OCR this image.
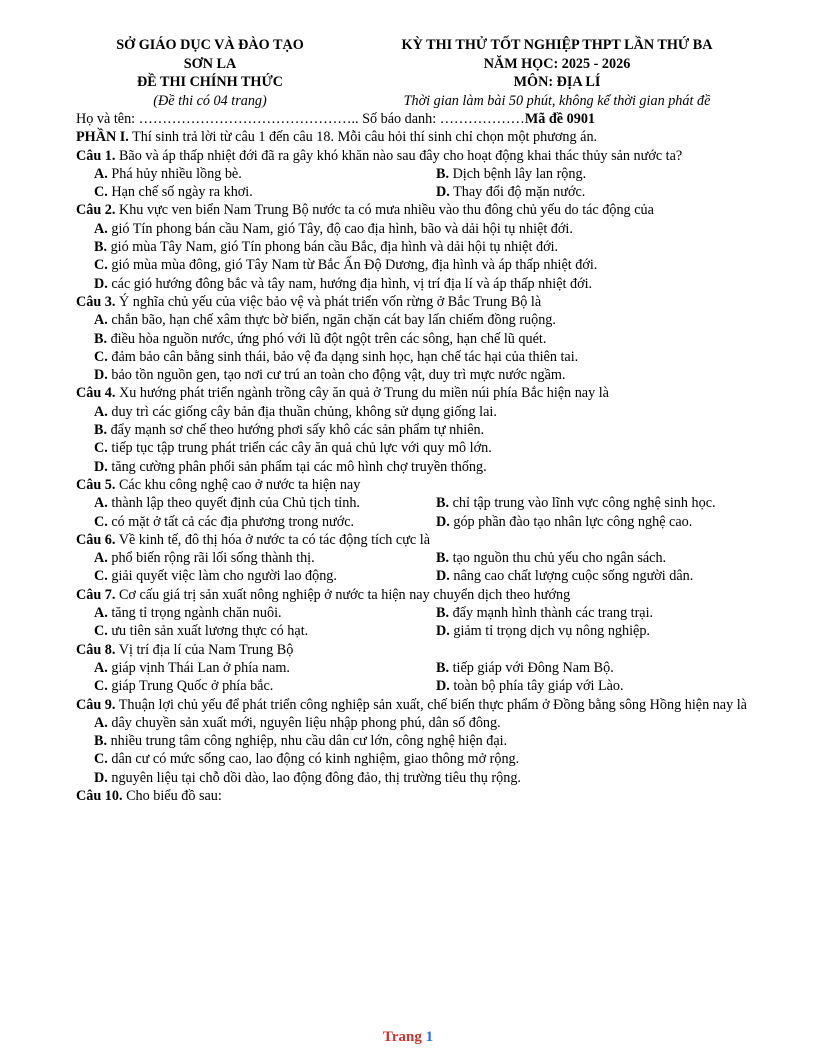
SỞ GIÁO DỤC VÀ ĐÀO TẠO
SƠN LA
ĐỀ THI CHÍNH THỨC
(Đề thi có 04 trang)
KỲ THI THỬ TỐT NGHIỆP THPT LẦN THỨ BA
NĂM HỌC: 2025 - 2026
MÔN: ĐỊA LÍ
Thời gian làm bài 50 phút, không kể thời gian phát đề
Họ và tên: ……………………………………….. Số báo danh: ………………Mã đề 0901
PHẦN I. Thí sinh trả lời từ câu 1 đến câu 18. Mỗi câu hỏi thí sinh chỉ chọn một phương án.
Câu 1. Bão và áp thấp nhiệt đới đã ra gây khó khăn nào sau đây cho hoạt động khai thác thủy sản nước ta?
A. Phá hủy nhiều lồng bè.	B. Dịch bệnh lây lan rộng.
C. Hạn chế số ngày ra khơi.	D. Thay đổi độ mặn nước.
Câu 2. Khu vực ven biển Nam Trung Bộ nước ta có mưa nhiều vào thu đông chủ yếu do tác động của
A. gió Tín phong bán cầu Nam, gió Tây, độ cao địa hình, bão và dải hội tụ nhiệt đới.
B. gió mùa Tây Nam, gió Tín phong bán cầu Bắc, địa hình và dải hội tụ nhiệt đới.
C. gió mùa mùa đông, gió Tây Nam từ Bắc Ấn Độ Dương, địa hình và áp thấp nhiệt đới.
D. các gió hướng đông bắc và tây nam, hướng địa hình, vị trí địa lí và áp thấp nhiệt đới.
Câu 3. Ý nghĩa chủ yếu của việc bảo vệ và phát triển vốn rừng ở Bắc Trung Bộ là
A. chắn bão, hạn chế xâm thực bờ biển, ngăn chặn cát bay lấn chiếm đồng ruộng.
B. điều hòa nguồn nước, ứng phó với lũ đột ngột trên các sông, hạn chế lũ quét.
C. đảm bảo cân bằng sinh thái, bảo vệ đa dạng sinh học, hạn chế tác hại của thiên tai.
D. bảo tồn nguồn gen, tạo nơi cư trú an toàn cho động vật, duy trì mực nước ngầm.
Câu 4. Xu hướng phát triển ngành trồng cây ăn quả ở Trung du miền núi phía Bắc hiện nay là
A. duy trì các giống cây bản địa thuần chủng, không sử dụng giống lai.
B. đẩy mạnh sơ chế theo hướng phơi sấy khô các sản phẩm tự nhiên.
C. tiếp tục tập trung phát triển các cây ăn quả chủ lực với quy mô lớn.
D. tăng cường phân phối sản phẩm tại các mô hình chợ truyền thống.
Câu 5. Các khu công nghệ cao ở nước ta hiện nay
A. thành lập theo quyết định của Chủ tịch tỉnh.	B. chỉ tập trung vào lĩnh vực công nghệ sinh học.
C. có mặt ở tất cả các địa phương trong nước.	D. góp phần đào tạo nhân lực công nghệ cao.
Câu 6. Về kinh tế, đô thị hóa ở nước ta có tác động tích cực là
A. phổ biến rộng rãi lối sống thành thị.	B. tạo nguồn thu chủ yếu cho ngân sách.
C. giải quyết việc làm cho người lao động.	D. nâng cao chất lượng cuộc sống người dân.
Câu 7. Cơ cấu giá trị sản xuất nông nghiệp ở nước ta hiện nay chuyển dịch theo hướng
A. tăng tỉ trọng ngành chăn nuôi.	B. đẩy mạnh hình thành các trang trại.
C. ưu tiên sản xuất lương thực có hạt.	D. giảm tỉ trọng dịch vụ nông nghiệp.
Câu 8. Vị trí địa lí của Nam Trung Bộ
A. giáp vịnh Thái Lan ở phía nam.	B. tiếp giáp với Đông Nam Bộ.
C. giáp Trung Quốc ở phía bắc.	D. toàn bộ phía tây giáp với Lào.
Câu 9. Thuận lợi chủ yếu để phát triển công nghiệp sản xuất, chế biến thực phẩm ở Đồng bằng sông Hồng hiện nay là
A. dây chuyền sản xuất mới, nguyên liệu nhập phong phú, dân số đông.
B. nhiều trung tâm công nghiệp, nhu cầu dân cư lớn, công nghệ hiện đại.
C. dân cư có mức sống cao, lao động có kinh nghiệm, giao thông mở rộng.
D. nguyên liệu tại chỗ dồi dào, lao động đông đảo, thị trường tiêu thụ rộng.
Câu 10. Cho biểu đồ sau:
Trang 1
